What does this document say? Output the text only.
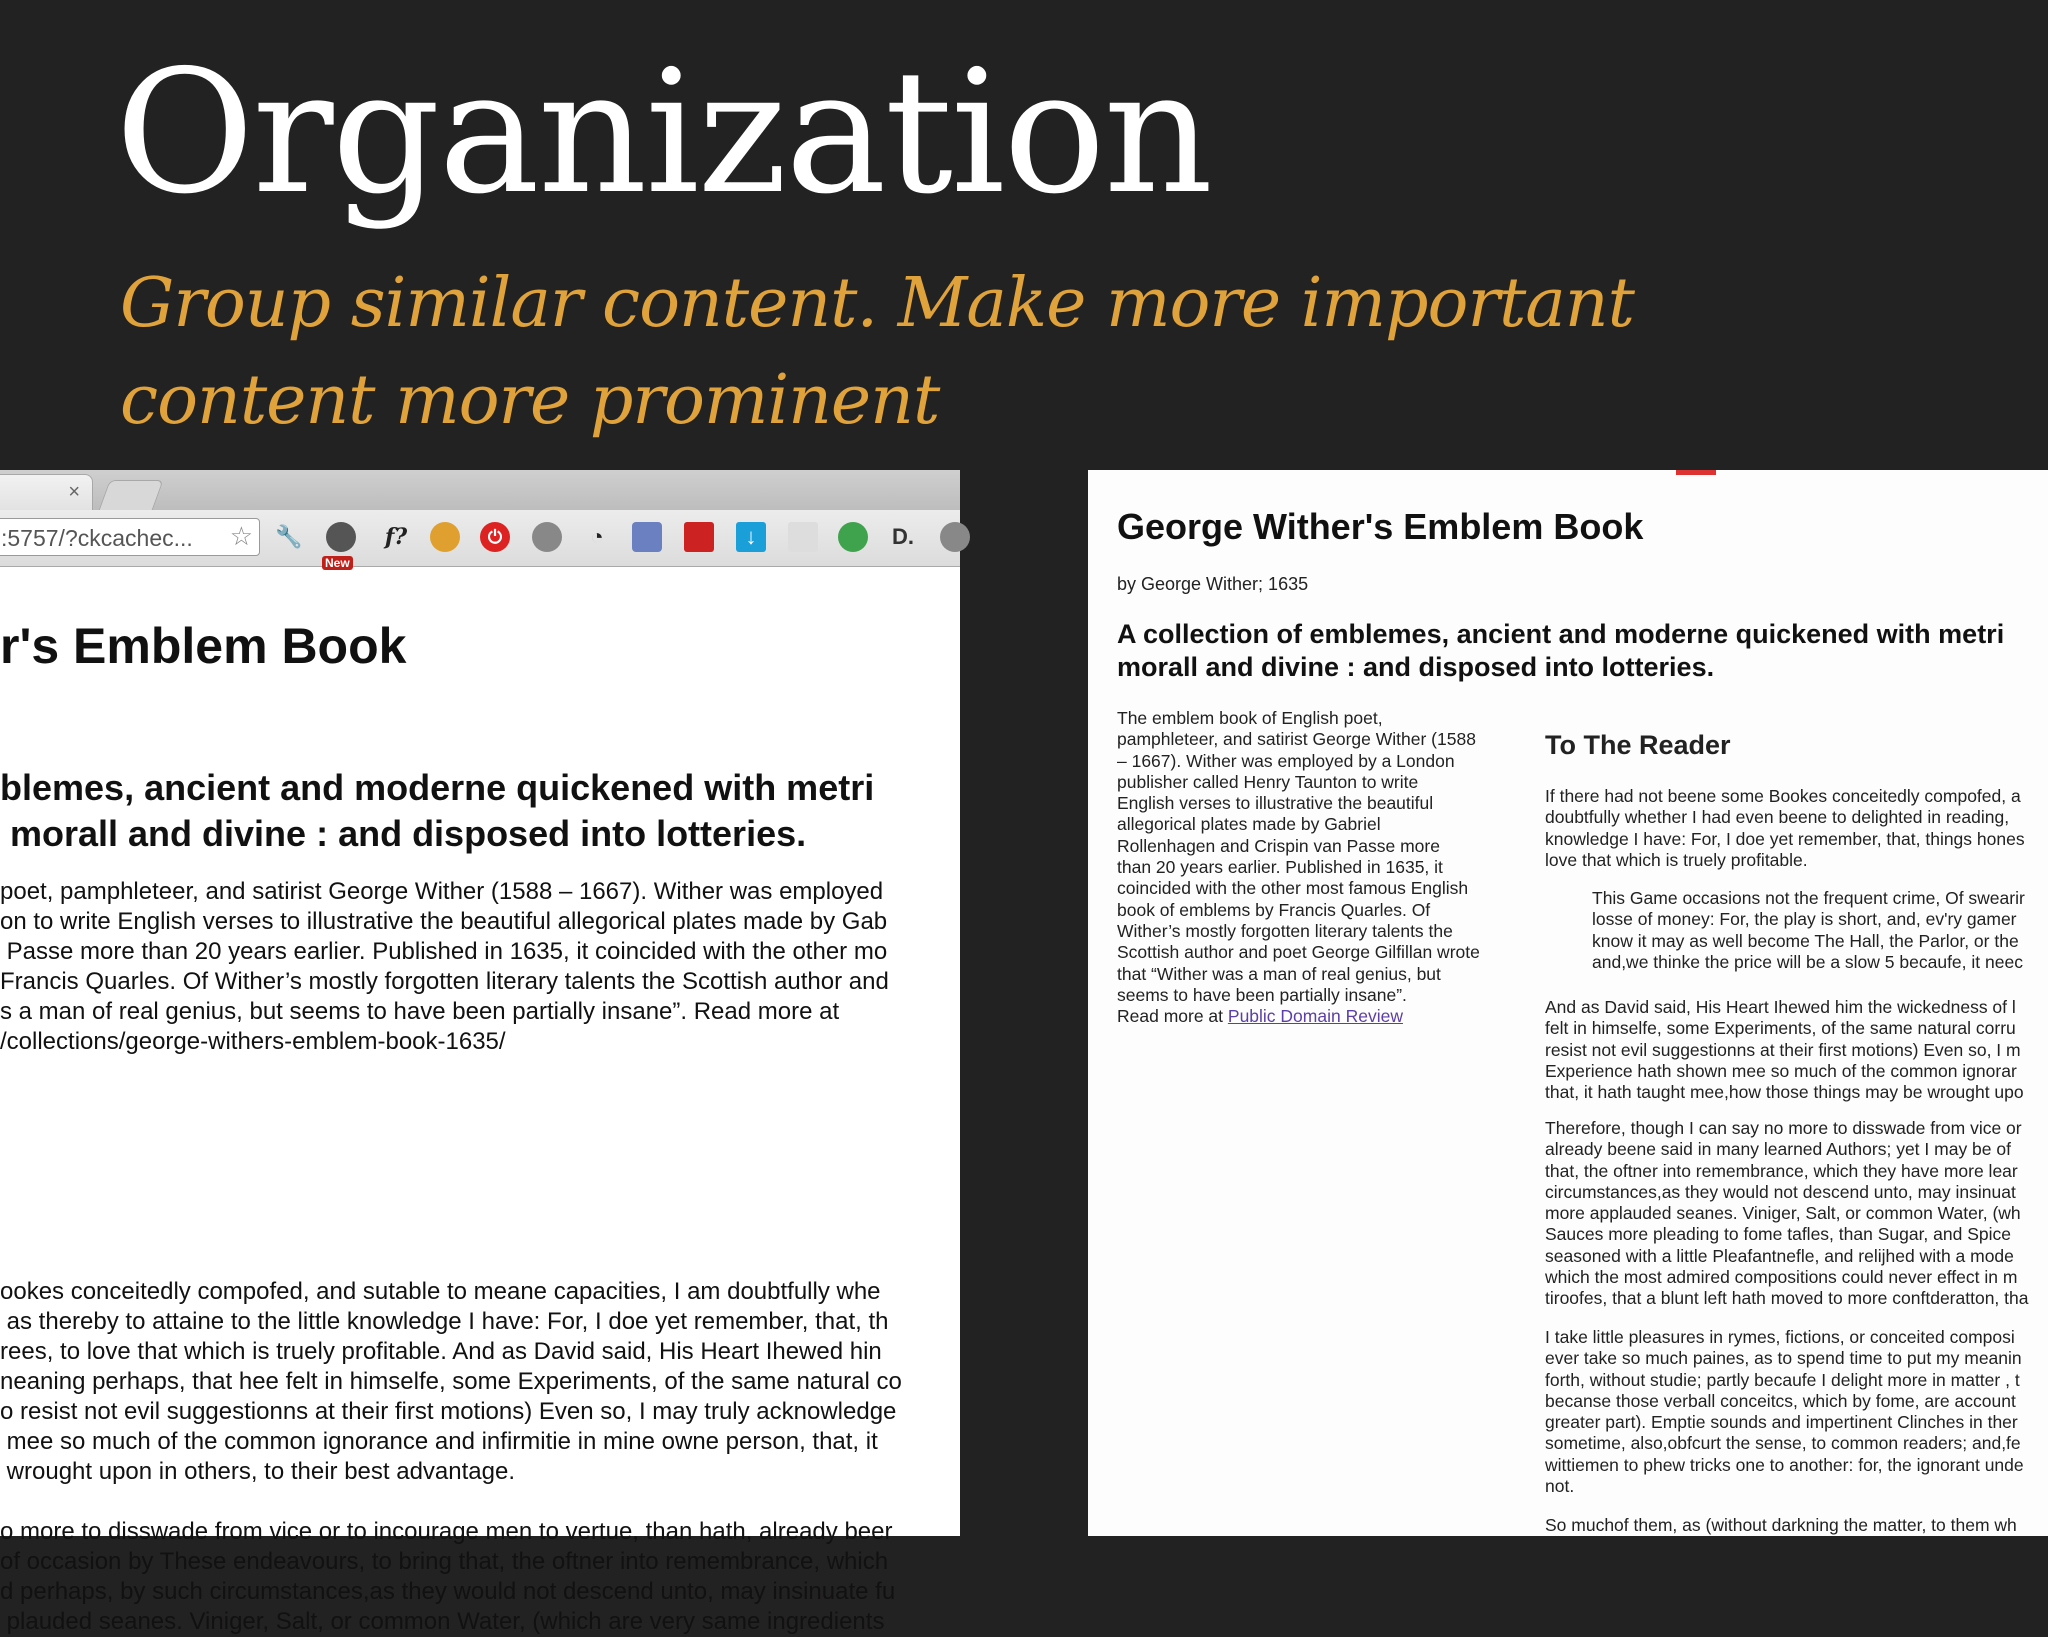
Organization
Group similar content. Make more important content more prominent
×
:5757/?ckcachec... ☆ 🔧
New
f?	⏻	◔	↓	D.
r's Emblem Book
blemes, ancient and moderne quickened with metri
morall and divine : and disposed into lotteries.
poet, pamphleteer, and satirist George Wither (1588 – 1667). Wither was employed
on to write English verses to illustrative the beautiful allegorical plates made by Gab
Passe more than 20 years earlier. Published in 1635, it coincided with the other mo
Francis Quarles. Of Wither’s mostly forgotten literary talents the Scottish author and
s a man of real genius, but seems to have been partially insane”. Read more at
/collections/george-withers-emblem-book-1635/
ookes conceitedly compofed, and sutable to meane capacities, I am doubtfully whe
as thereby to attaine to the little knowledge I have: For, I doe yet remember, that, th
rees, to love that which is truely profitable. And as David said, His Heart Ihewed hin
neaning perhaps, that hee felt in himselfe, some Experiments, of the same natural co
o resist not evil suggestionns at their first motions) Even so, I may truly acknowledge
mee so much of the common ignorance and infirmitie in mine owne person, that, it
wrought upon in others, to their best advantage.
o more to disswade from vice or to incourage men to vertue, than hath, already beer
of occasion by These endeavours, to bring that, the oftner into remembrance, which
d perhaps, by such circumstances,as they would not descend unto, may insinuate fu
plauded seanes. Viniger, Salt, or common Water, (which are very same ingredients
George Wither's Emblem Book
by George Wither; 1635
A collection of emblemes, ancient and moderne quickened with metri
morall and divine : and disposed into lotteries.
The emblem book of English poet,
pamphleteer, and satirist George Wither (1588
– 1667). Wither was employed by a London
publisher called Henry Taunton to write
English verses to illustrative the beautiful
allegorical plates made by Gabriel
Rollenhagen and Crispin van Passe more
than 20 years earlier. Published in 1635, it
coincided with the other most famous English
book of emblems by Francis Quarles. Of
Wither’s mostly forgotten literary talents the
Scottish author and poet George Gilfillan wrote
that “Wither was a man of real genius, but
seems to have been partially insane”.
Read more at Public Domain Review
To The Reader
If there had not beene some Bookes conceitedly compofed, a
doubtfully whether I had even beene to delighted in reading,
knowledge I have: For, I doe yet remember, that, things hones
love that which is truely profitable.
This Game occasions not the frequent crime, Of swearir
losse of money: For, the play is short, and, ev'ry gamer
know it may as well become The Hall, the Parlor, or the
and,we thinke the price will be a slow 5 becaufe, it neec
And as David said, His Heart Ihewed him the wickedness of l
felt in himselfe, some Experiments, of the same natural corru
resist not evil suggestionns at their first motions) Even so, I m
Experience hath shown mee so much of the common ignorar
that, it hath taught mee,how those things may be wrought upo
Therefore, though I can say no more to disswade from vice or
already beene said in many learned Authors; yet I may be of
that, the oftner into remembrance, which they have more lear
circumstances,as they would not descend unto, may insinuat
more applauded seanes. Viniger, Salt, or common Water, (wh
Sauces more pleading to fome tafles, than Sugar, and Spice
seasoned with a little Pleafantnefle, and relijhed with a mode
which the most admired compositions could never effect in m
tiroofes, that a blunt left hath moved to more conftderatton, tha
I take little pleasures in rymes, fictions, or conceited composi
ever take so much paines, as to spend time to put my meanin
forth, without studie; partly becaufe I delight more in matter , t
becanse those verball conceitcs, which by fome, are account
greater part). Emptie sounds and impertinent Clinches in ther
sometime, also,obfcurt the sense, to common readers; and,fe
wittiemen to phew tricks one to another: for, the ignorant unde
not.
So muchof them, as (without darkning the matter, to them wh
